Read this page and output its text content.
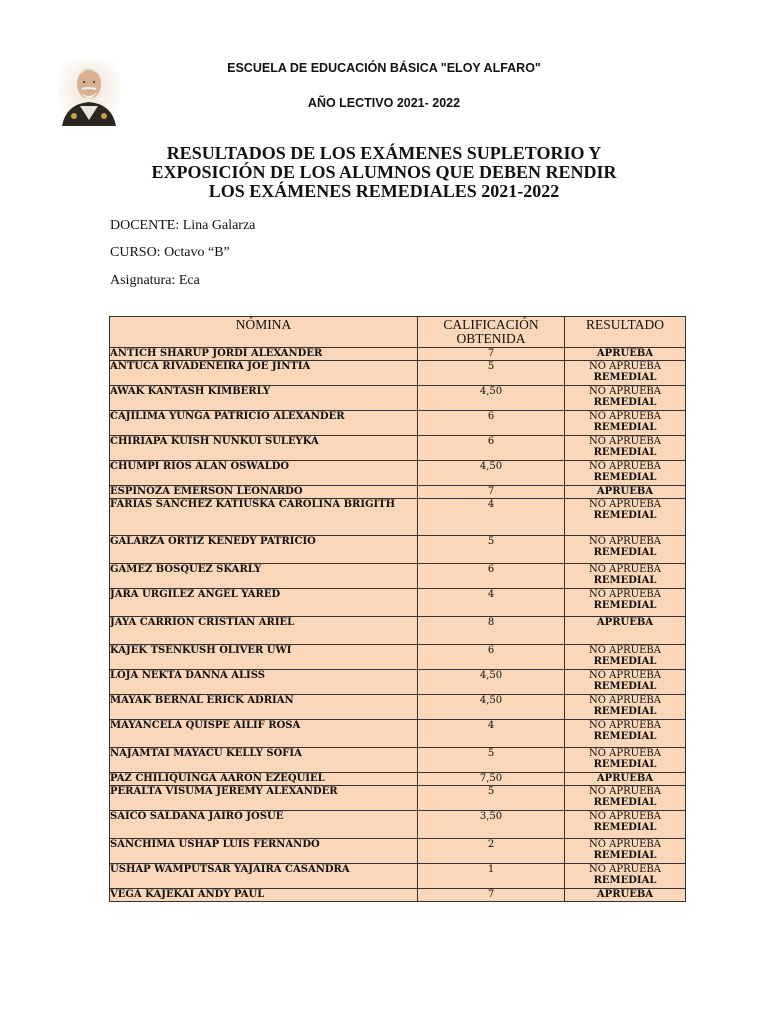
ESCUELA DE EDUCACIÓN BÁSICA "ELOY ALFARO"
AÑO LECTIVO 2021- 2022
RESULTADOS DE LOS EXÁMENES SUPLETORIO Y
EXPOSICIÓN DE LOS ALUMNOS QUE DEBEN RENDIR
LOS EXÁMENES REMEDIALES 2021-2022
DOCENTE: Lina Galarza
CURSO: Octavo “B”
Asignatura: Eca
NÓMINA	CALIFICACIÓN OBTENIDA	RESULTADO
ANTICH SHARUP JORDI ALEXANDER	7	APRUEBA

ANTUCA RIVADENEIRA JOE JINTIA	5	NO APRUEBA
REMEDIAL

AWAK KANTASH KIMBERLY	4,50	NO APRUEBA
REMEDIAL

CAJILIMA YUNGA PATRICIO ALEXANDER	6	NO APRUEBA
REMEDIAL

CHIRIAPA KUISH NUNKUI SULEYKA	6	NO APRUEBA
REMEDIAL

CHUMPI RIOS ALAN OSWALDO	4,50	NO APRUEBA
REMEDIAL

ESPINOZA EMERSON LEONARDO	7	APRUEBA

FARIAS SANCHEZ KATIUSKA CAROLINA BRIGITH	4	NO APRUEBA
REMEDIAL

GALARZA ORTIZ KENEDY PATRICIO	5	NO APRUEBA
REMEDIAL

GAMEZ BOSQUEZ SKARLY	6	NO APRUEBA
REMEDIAL

JARA URGILEZ ANGEL YARED	4	NO APRUEBA
REMEDIAL

JAYA CARRION CRISTIAN ARIEL	8	APRUEBA

KAJEK TSENKUSH OLIVER UWI	6	NO APRUEBA
REMEDIAL

LOJA NEKTA DANNA ALISS	4,50	NO APRUEBA
REMEDIAL

MAYAK BERNAL ERICK ADRIAN	4,50	NO APRUEBA
REMEDIAL

MAYANCELA QUISPE AILIF ROSA	4	NO APRUEBA
REMEDIAL

NAJAMTAI MAYACU KELLY SOFIA	5	NO APRUEBA
REMEDIAL

PAZ CHILIQUINGA AARON EZEQUIEL	7,50	APRUEBA

PERALTA VISUMA JEREMY ALEXANDER	5	NO APRUEBA
REMEDIAL

SAICO SALDAÑA JAIRO JOSUE	3,50	NO APRUEBA
REMEDIAL

SANCHIMA USHAP LUIS FERNANDO	2	NO APRUEBA
REMEDIAL

USHAP WAMPUTSAR YAJAIRA CASANDRA	1	NO APRUEBA
REMEDIAL

VEGA KAJEKAI ANDY PAUL	7	APRUEBA
